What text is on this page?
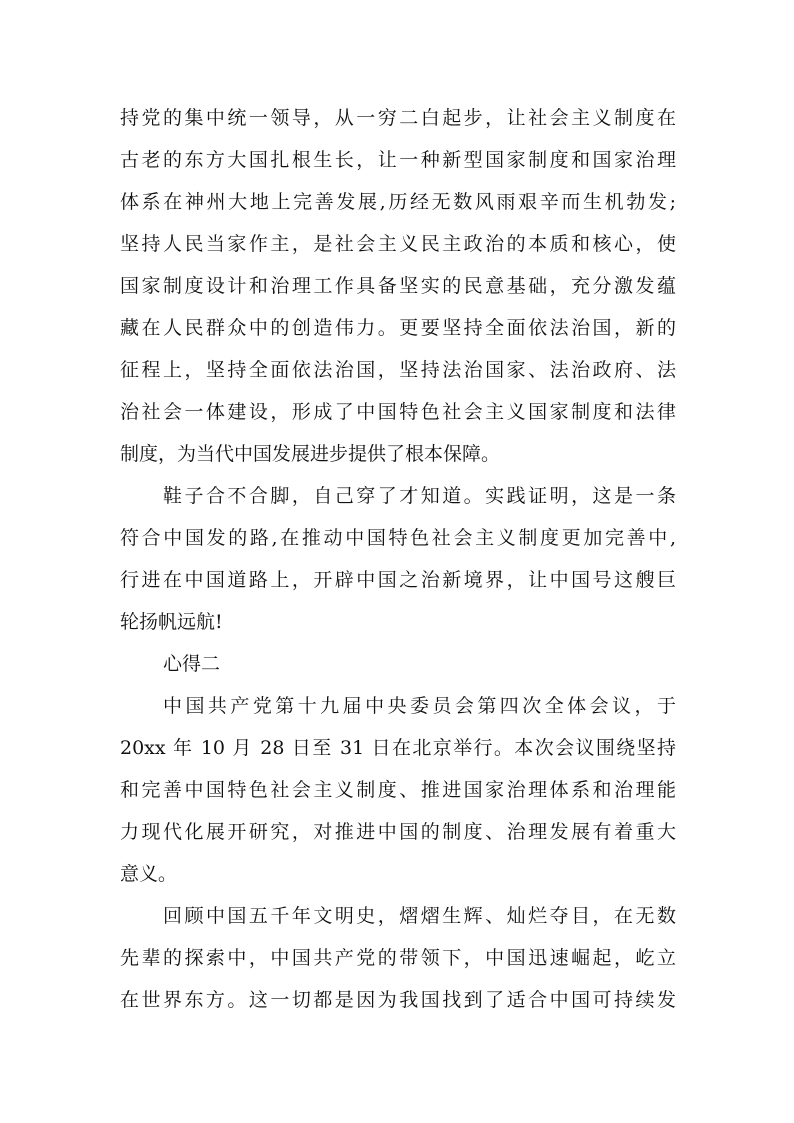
持党的集中统一领导，从一穷二白起步，让社会主义制度在
古老的东方大国扎根生长，让一种新型国家制度和国家治理
体系在神州大地上完善发展,历经无数风雨艰辛而生机勃发;
坚持人民当家作主，是社会主义民主政治的本质和核心，使
国家制度设计和治理工作具备坚实的民意基础，充分激发蕴
藏在人民群众中的创造伟力。更要坚持全面依法治国，新的
征程上，坚持全面依法治国，坚持法治国家、法治政府、法
治社会一体建设，形成了中国特色社会主义国家制度和法律
制度，为当代中国发展进步提供了根本保障。
鞋子合不合脚，自己穿了才知道。实践证明，这是一条
符合中国发的路,在推动中国特色社会主义制度更加完善中,
行进在中国道路上，开辟中国之治新境界，让中国号这艘巨
轮扬帆远航!
心得二
中国共产党第十九届中央委员会第四次全体会议，于
20xx 年 10 月 28 日至 31 日在北京举行。本次会议围绕坚持
和完善中国特色社会主义制度、推进国家治理体系和治理能
力现代化展开研究，对推进中国的制度、治理发展有着重大
意义。
回顾中国五千年文明史，熠熠生辉、灿烂夺目，在无数
先辈的探索中，中国共产党的带领下，中国迅速崛起，屹立
在世界东方。这一切都是因为我国找到了适合中国可持续发
